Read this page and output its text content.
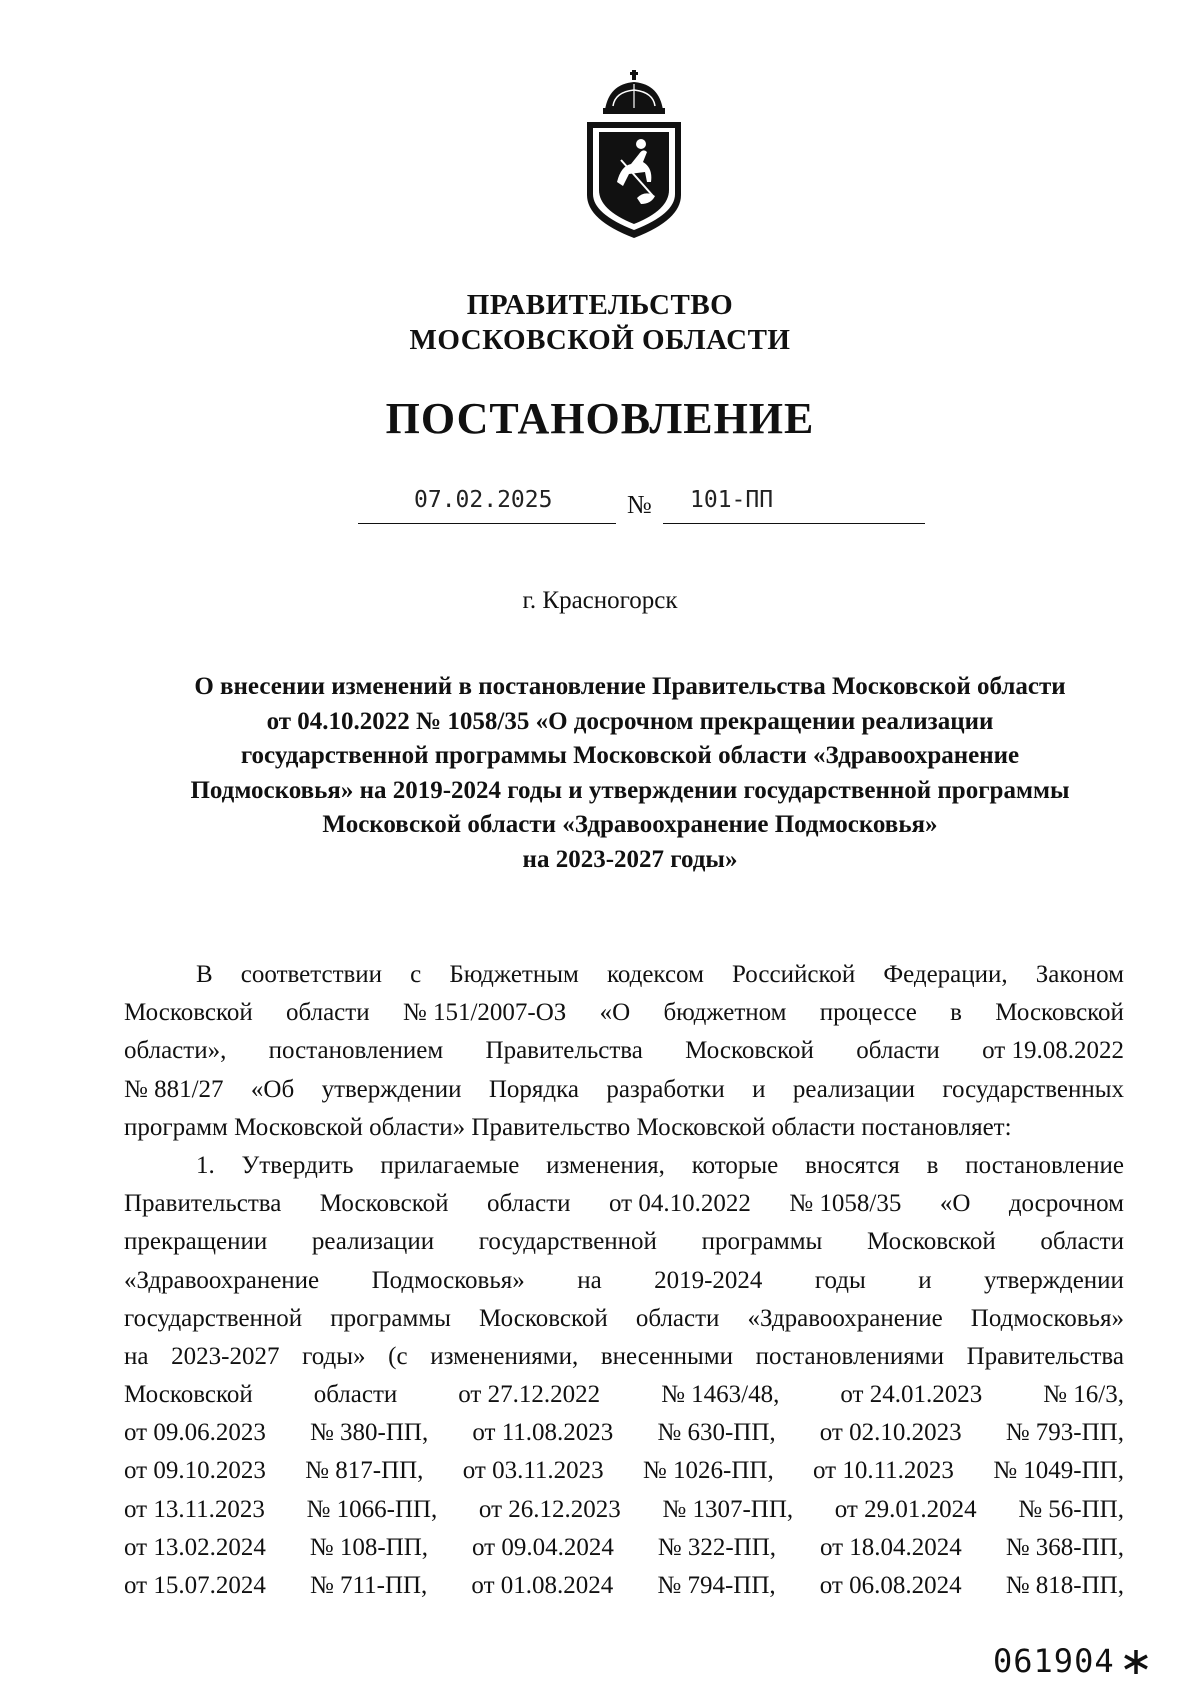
ПРАВИТЕЛЬСТВО
МОСКОВСКОЙ ОБЛАСТИ
ПОСТАНОВЛЕНИЕ
07.02.2025	№ 101-ПП
г. Красногорск
О внесении изменений в постановление Правительства Московской области
от 04.10.2022 № 1058/35 «О досрочном прекращении реализации
государственной программы Московской области «Здравоохранение
Подмосковья» на 2019-2024 годы и утверждении государственной программы
Московской области «Здравоохранение Подмосковья»
на 2023-2027 годы»
В соответствии с Бюджетным кодексом Российской Федерации, Законом
Московской области № 151/2007-ОЗ «О бюджетном процессе в Московской
области», постановлением Правительства Московской области от 19.08.2022
№ 881/27 «Об утверждении Порядка разработки и реализации государственных
программ Московской области» Правительство Московской области постановляет:
1. Утвердить прилагаемые изменения, которые вносятся в постановление
Правительства Московской области от 04.10.2022 № 1058/35 «О досрочном
прекращении реализации государственной программы Московской области
«Здравоохранение Подмосковья» на 2019-2024 годы и утверждении
государственной программы Московской области «Здравоохранение Подмосковья»
на 2023-2027 годы» (с изменениями, внесенными постановлениями Правительства
Московской области от 27.12.2022 № 1463/48, от 24.01.2023 № 16/3,
от 09.06.2023 № 380-ПП, от 11.08.2023 № 630-ПП, от 02.10.2023 № 793-ПП,
от 09.10.2023 № 817-ПП, от 03.11.2023 № 1026-ПП, от 10.11.2023 № 1049-ПП,
от 13.11.2023 № 1066-ПП, от 26.12.2023 № 1307-ПП, от 29.01.2024 № 56-ПП,
от 13.02.2024 № 108-ПП, от 09.04.2024 № 322-ПП, от 18.04.2024 № 368-ПП,
от 15.07.2024 № 711-ПП, от 01.08.2024 № 794-ПП, от 06.08.2024 № 818-ПП,
061904
